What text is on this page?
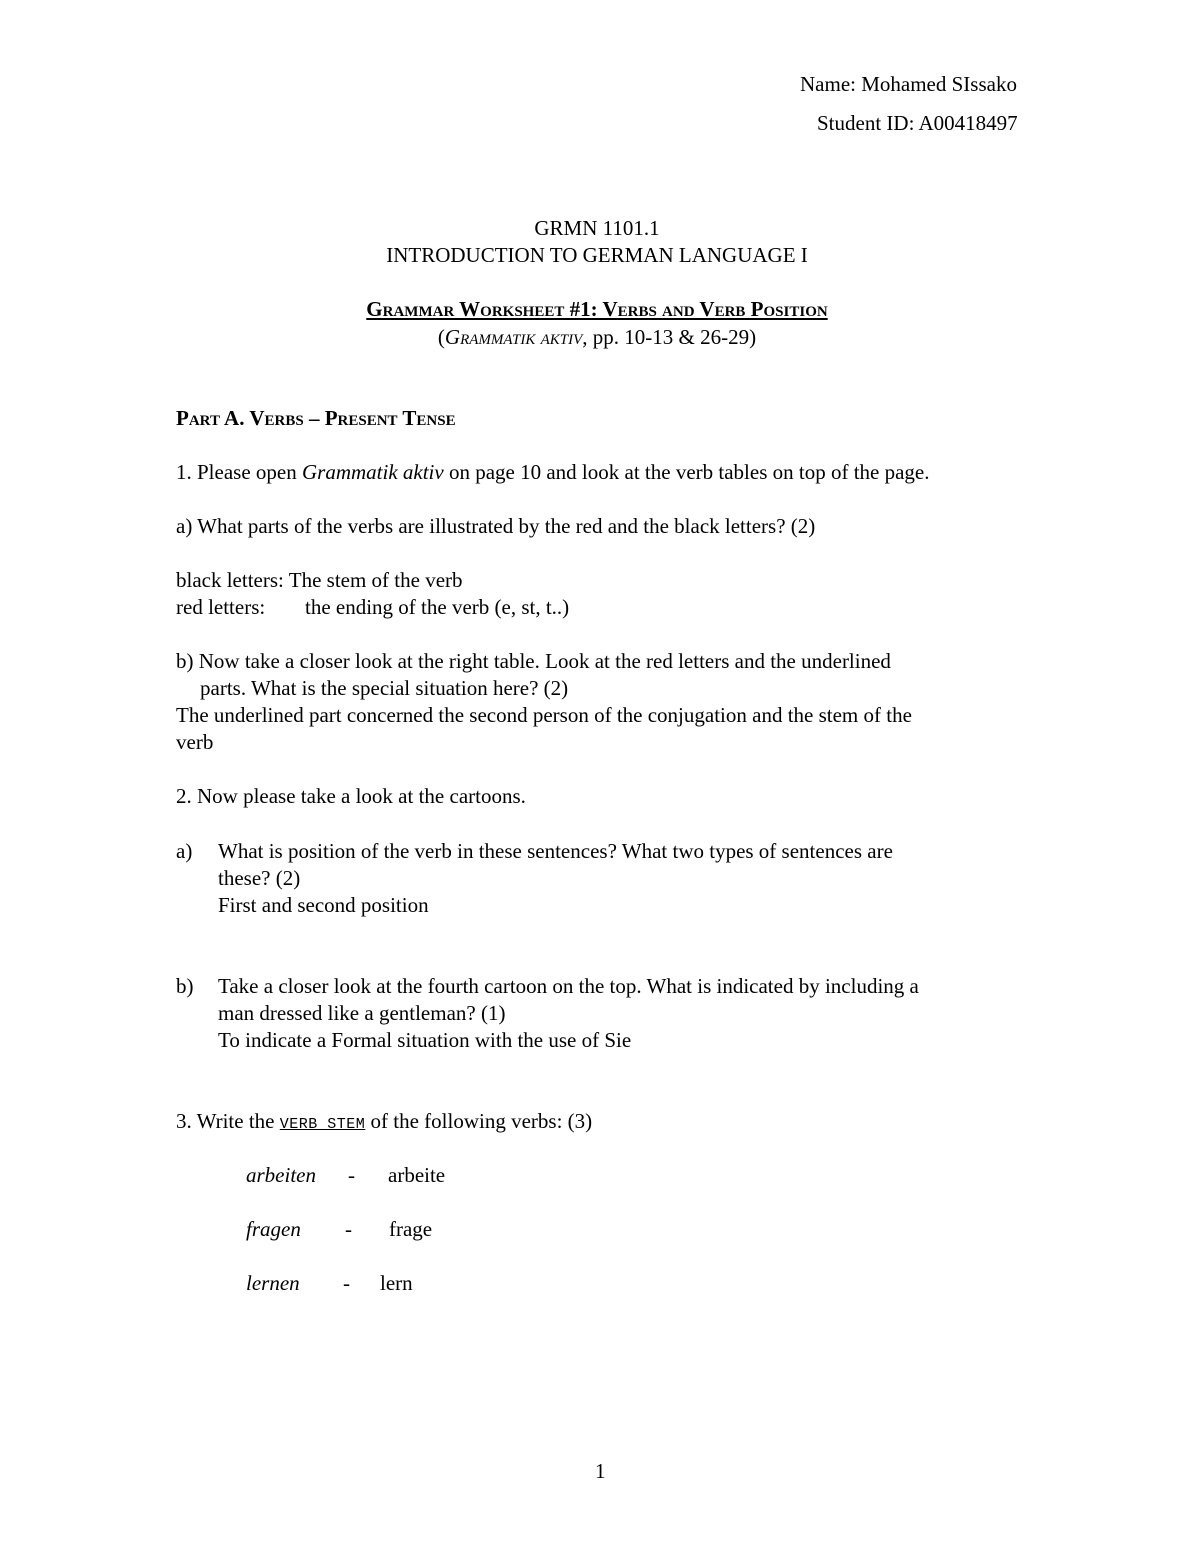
Name: Mohamed SIssako
Student ID: A00418497
GRMN 1101.1
INTRODUCTION TO GERMAN LANGUAGE I
Grammar Worksheet #1: Verbs and Verb Position
(Grammatik aktiv, pp. 10-13 & 26-29)
Part A. Verbs – Present Tense
1. Please open Grammatik aktiv on page 10 and look at the verb tables on top of the page.
a) What parts of the verbs are illustrated by the red and the black letters? (2)
black letters: The stem of the verb
red letters: the ending of the verb (e, st, t..)
b) Now take a closer look at the right table. Look at the red letters and the underlined
parts. What is the special situation here? (2)
The underlined part concerned the second person of the conjugation and the stem of the
verb
2. Now please take a look at the cartoons.
a) What is position of the verb in these sentences? What two types of sentences are
these? (2)
First and second position
b) Take a closer look at the fourth cartoon on the top. What is indicated by including a
man dressed like a gentleman? (1)
To indicate a Formal situation with the use of Sie
3. Write the VERB STEM of the following verbs: (3)
arbeiten - arbeite
fragen - frage
lernen - lern
1
